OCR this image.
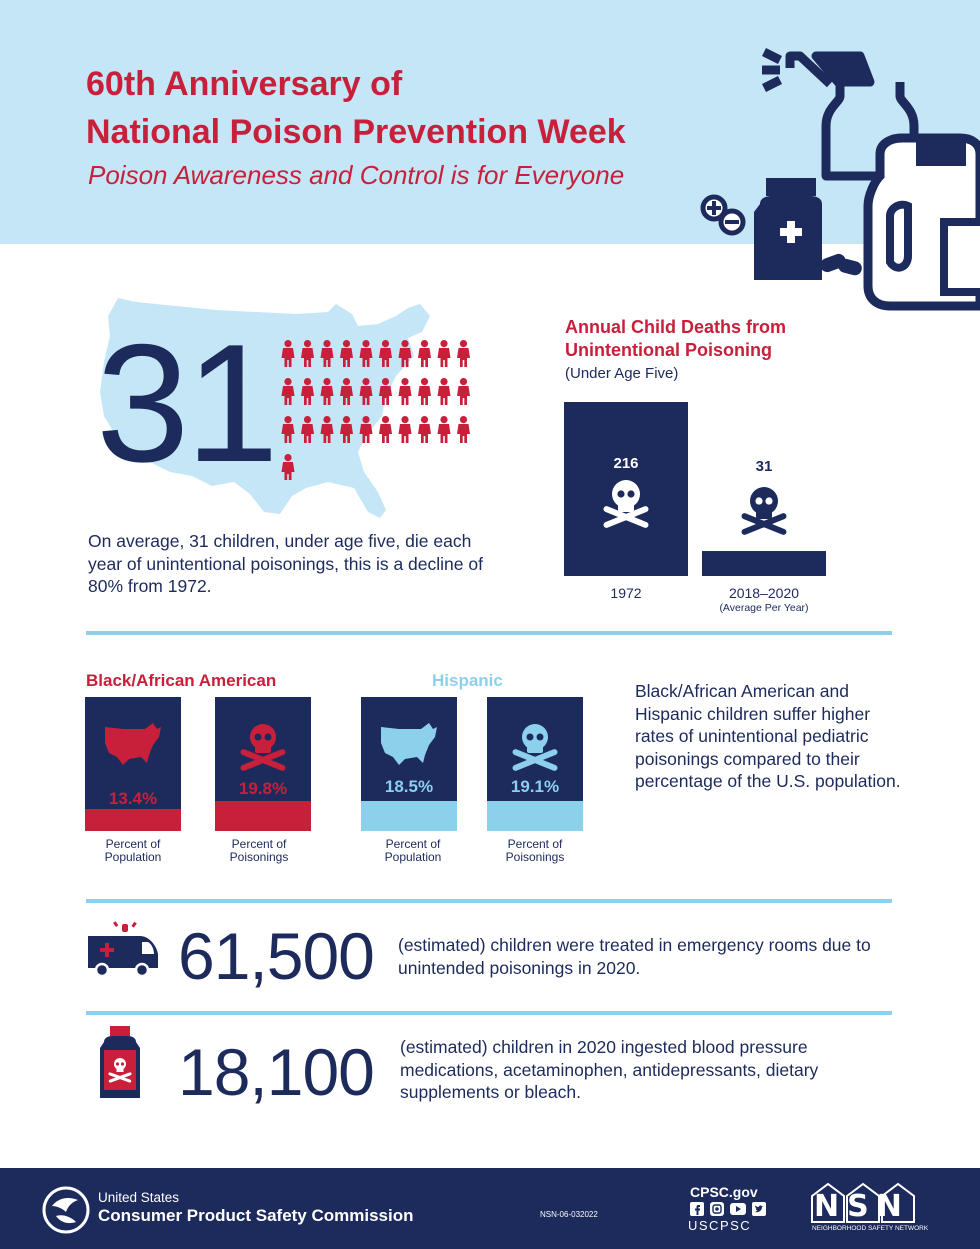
60th Anniversary of
National Poison Prevention Week
Poison Awareness and Control is for Everyone
31
On average, 31 children, under age five, die each year of unintentional poisonings, this is a decline of 80% from 1972.
Annual Child Deaths from Unintentional Poisoning
(Under Age Five)
216
1972
31
2018–2020
(Average Per Year)
Black/African American	Hispanic
13.4%
Percent of
Population
19.8%
Percent of
Poisonings
18.5%
Percent of
Population
19.1%
Percent of
Poisonings
Black/African American and Hispanic children suffer higher rates of unintentional pediatric poisonings compared to their percentage of the U.S. population.
61,500 (estimated) children were treated in emergency rooms due to unintended poisonings in 2020.
18,100 (estimated) children in 2020 ingested blood pressure medications, acetaminophen, antidepressants, dietary supplements or bleach.
United States
Consumer Product Safety Commission	NSN-06-032022
CPSC.gov
USCPSC
NSN
NEIGHBORHOOD SAFETY NETWORK
